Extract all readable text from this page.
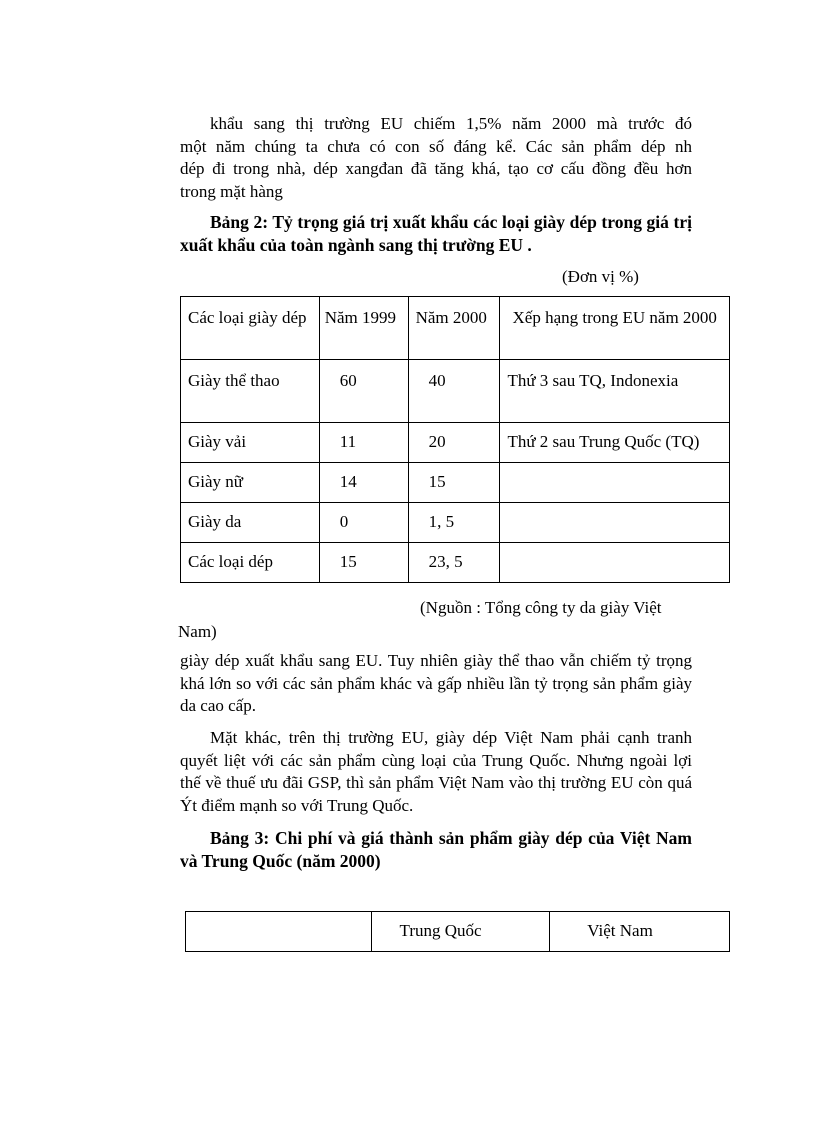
khẩu sang thị trường EU chiếm 1,5% năm 2000 mà trước đó
một năm chúng ta chưa có con số đáng kể. Các sản phẩm dép nh
dép đi trong nhà, dép xangđan đã tăng khá, tạo cơ cấu đồng đều hơn
trong mặt hàng
Bảng 2: Tỷ trọng giá trị xuất khẩu các loại giày dép trong giá trị xuất khẩu của toàn ngành sang thị trường EU .
(Đơn vị %)
Các loại giày dép	Năm 1999	Năm 2000	Xếp hạng trong EU năm 2000
Giày thể thao	60	40	Thứ 3 sau TQ, Indonexia
Giày vải	11	20	Thứ 2 sau Trung Quốc (TQ)
Giày nữ	14	15	
Giày da	0	1, 5	
Các loại dép	15	23, 5	
(Nguồn : Tổng công ty da giày Việt
Nam)
giày dép xuất khẩu sang EU. Tuy nhiên giày thể thao vẫn chiếm tỷ trọng khá lớn so với các sản phẩm khác và gấp nhiều lần tỷ trọng sản phẩm giày da cao cấp.
Mặt khác, trên thị trường EU, giày dép Việt Nam phải cạnh tranh quyết liệt với các sản phẩm cùng loại của Trung Quốc. Nhưng ngoài lợi thế về thuế ưu đãi GSP, thì sản phẩm Việt Nam vào thị trường EU còn quá Ýt điểm mạnh so với Trung Quốc.
Bảng 3: Chi phí và giá thành sản phẩm giày dép của Việt Nam và Trung Quốc (năm 2000)
	Trung Quốc	Việt Nam
